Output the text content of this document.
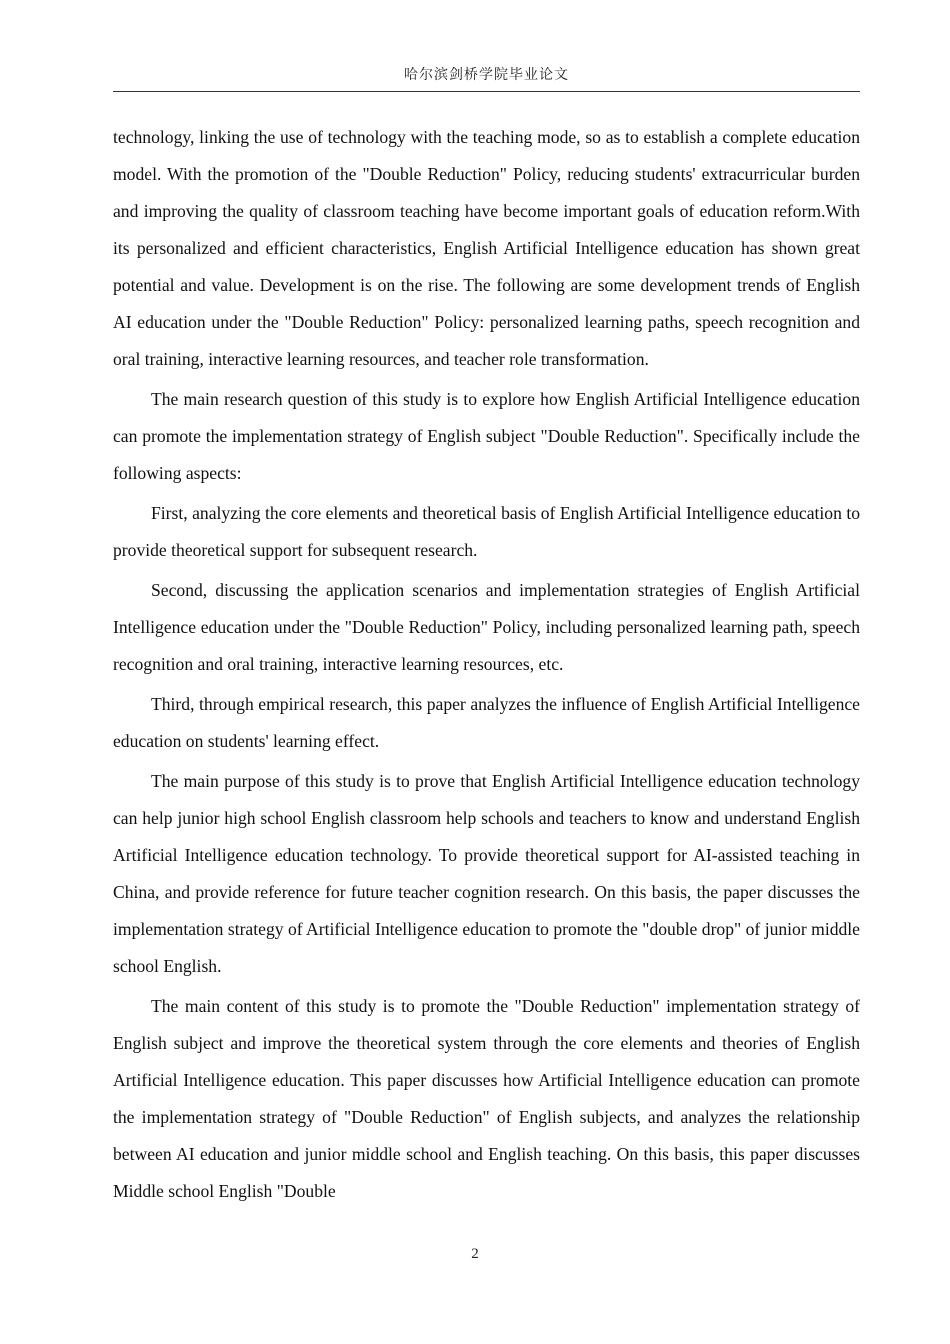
哈尔滨剑桥学院毕业论文

technology, linking the use of technology with the teaching mode, so as to establish a complete education model. With the promotion of the "Double Reduction" Policy, reducing students' extracurricular burden and improving the quality of classroom teaching have become important goals of education reform.With its personalized and efficient characteristics, English Artificial Intelligence education has shown great potential and value. Development is on the rise. The following are some development trends of English AI education under the "Double Reduction" Policy: personalized learning paths, speech recognition and oral training, interactive learning resources, and teacher role transformation.

The main research question of this study is to explore how English Artificial Intelligence education can promote the implementation strategy of English subject "Double Reduction". Specifically include the following aspects:

First, analyzing the core elements and theoretical basis of English Artificial Intelligence education to provide theoretical support for subsequent research.

Second, discussing the application scenarios and implementation strategies of English Artificial Intelligence education under the "Double Reduction" Policy, including personalized learning path, speech recognition and oral training, interactive learning resources, etc.

Third, through empirical research, this paper analyzes the influence of English Artificial Intelligence education on students' learning effect.

The main purpose of this study is to prove that English Artificial Intelligence education technology can help junior high school English classroom help schools and teachers to know and understand English Artificial Intelligence education technology. To provide theoretical support for AI-assisted teaching in China, and provide reference for future teacher cognition research. On this basis, the paper discusses the implementation strategy of Artificial Intelligence education to promote the "double drop" of junior middle school English.

The main content of this study is to promote the "Double Reduction" implementation strategy of English subject and improve the theoretical system through the core elements and theories of English Artificial Intelligence education. This paper discusses how Artificial Intelligence education can promote the implementation strategy of "Double Reduction" of English subjects, and analyzes the relationship between AI education and junior middle school and English teaching. On this basis, this paper discusses Middle school English "Double

2
